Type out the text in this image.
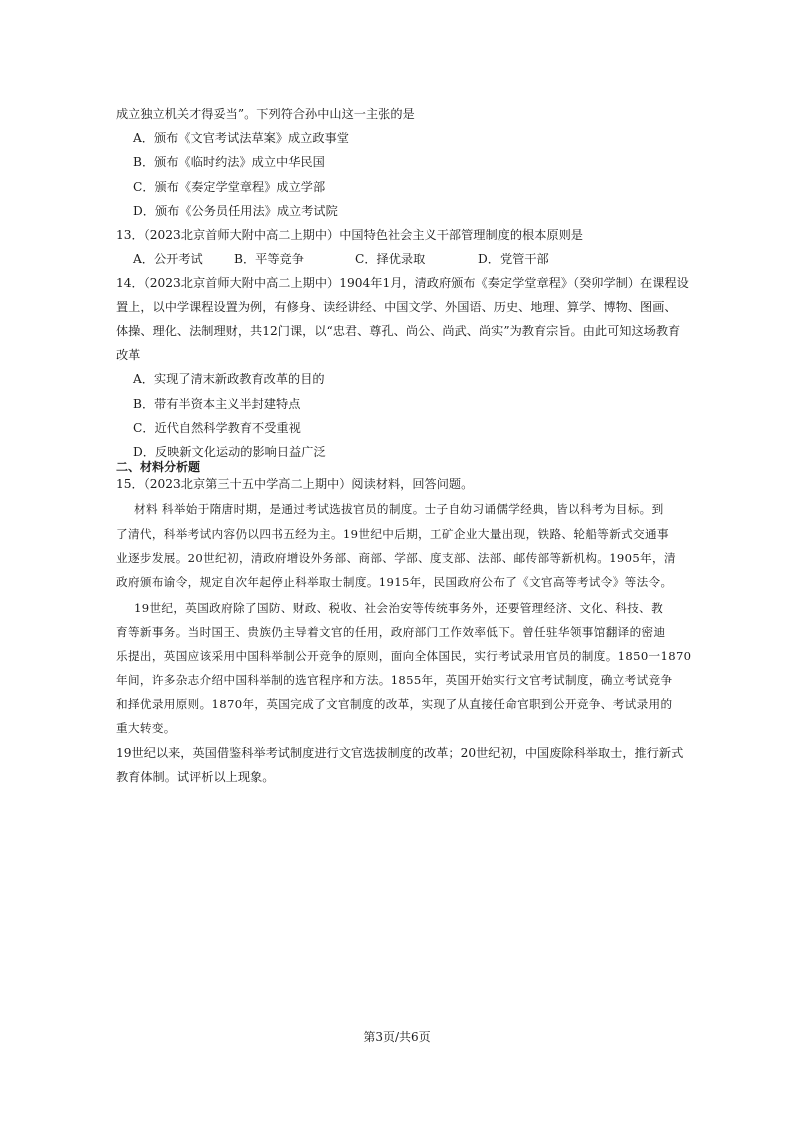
成立独立机关才得妥当”。下列符合孙中山这一主张的是
A．颁布《文官考试法草案》成立政事堂
B．颁布《临时约法》成立中华民国
C．颁布《奏定学堂章程》成立学部
D．颁布《公务员任用法》成立考试院
13．（2023北京首师大附中高二上期中）中国特色社会主义干部管理制度的根本原则是
A．公开考试	B．平等竞争	C．择优录取	D．党管干部
14．（2023北京首师大附中高二上期中）1904年1月，清政府颁布《奏定学堂章程》（癸卯学制）在课程设
置上，以中学课程设置为例，有修身、读经讲经、中国文学、外国语、历史、地理、算学、博物、图画、
体操、理化、法制理财，共12门课，以“忠君、尊孔、尚公、尚武、尚实”为教育宗旨。由此可知这场教育
改革
A．实现了清末新政教育改革的目的
B．带有半资本主义半封建特点
C．近代自然科学教育不受重视
D．反映新文化运动的影响日益广泛
二、材料分析题
15．（2023北京第三十五中学高二上期中）阅读材料，回答问题。
材料 科举始于隋唐时期，是通过考试选拔官员的制度。士子自幼习诵儒学经典，皆以科考为目标。到
了清代，科举考试内容仍以四书五经为主。19世纪中后期，工矿企业大量出现，铁路、轮船等新式交通事
业逐步发展。20世纪初，清政府增设外务部、商部、学部、度支部、法部、邮传部等新机构。1905年，清
政府颁布谕令，规定自次年起停止科举取士制度。1915年，民国政府公布了《文官高等考试令》等法令。
19世纪，英国政府除了国防、财政、税收、社会治安等传统事务外，还要管理经济、文化、科技、教
育等新事务。当时国王、贵族仍主导着文官的任用，政府部门工作效率低下。曾任驻华领事馆翻译的密迪
乐提出，英国应该采用中国科举制公开竞争的原则，面向全体国民，实行考试录用官员的制度。1850一1870
年间，许多杂志介绍中国科举制的选官程序和方法。1855年，英国开始实行文官考试制度，确立考试竞争
和择优录用原则。1870年，英国完成了文官制度的改革，实现了从直接任命官职到公开竞争、考试录用的
重大转变。
19世纪以来，英国借鉴科举考试制度进行文官选拔制度的改革；20世纪初，中国废除科举取士，推行新式
教育体制。试评析以上现象。
第3页/共6页
